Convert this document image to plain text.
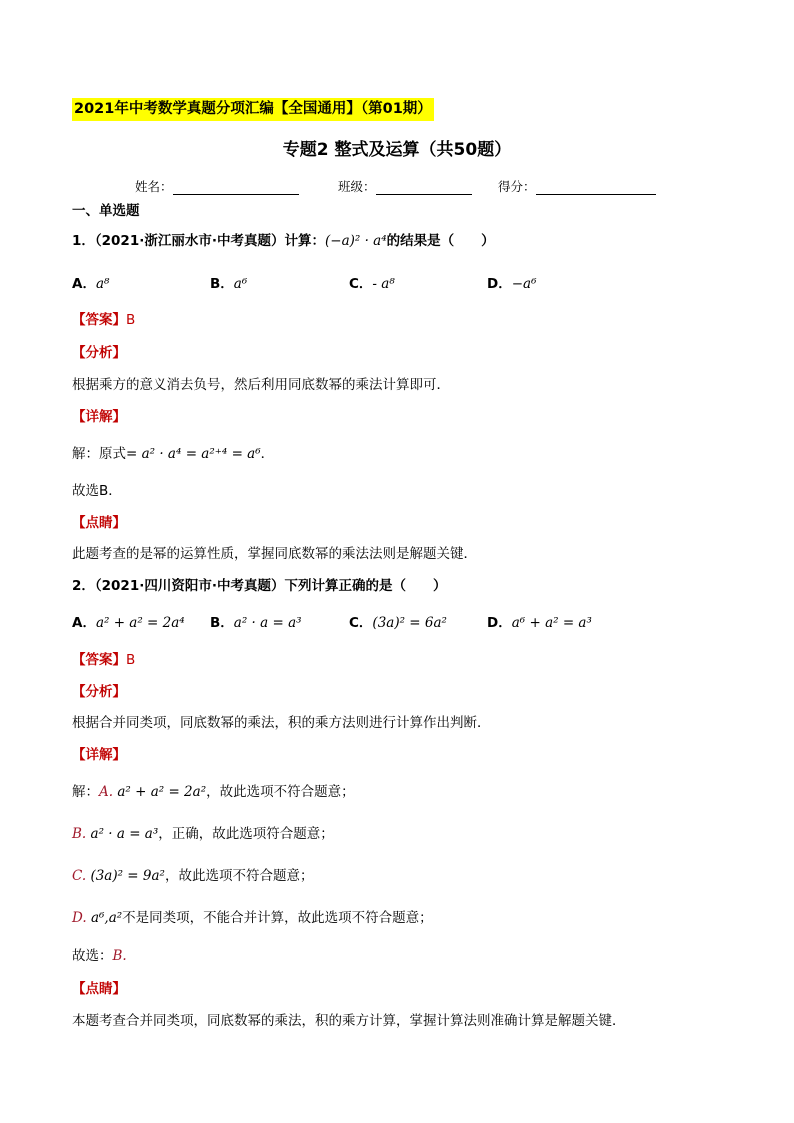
2021年中考数学真题分项汇编【全国通用】（第01期）
专题2 整式及运算（共50题）
姓名：	班级：	得分：
一、单选题
1．（2021·浙江丽水市·中考真题）计算：(−a)² · a⁴的结果是（　　）
A．a⁸	B．a⁶	C．- a⁸	D．−a⁶
【答案】B
【分析】
根据乘方的意义消去负号，然后利用同底数幂的乘法计算即可．
【详解】
解：原式= a² · a⁴ = a²⁺⁴ = a⁶．
故选B．
【点睛】
此题考查的是幂的运算性质，掌握同底数幂的乘法法则是解题关键．
2．（2021·四川资阳市·中考真题）下列计算正确的是（　　）
A．a² + a² = 2a⁴ B．a² · a = a³	C．(3a)² = 6a²	D．a⁶ + a² = a³
【答案】B
【分析】
根据合并同类项，同底数幂的乘法，积的乘方法则进行计算作出判断．
【详解】
解：A. a² + a² = 2a²，故此选项不符合题意；
B. a² · a = a³，正确，故此选项符合题意；
C. (3a)² = 9a²，故此选项不符合题意；
D. a⁶,a²不是同类项，不能合并计算，故此选项不符合题意；
故选：B.
【点睛】
本题考查合并同类项，同底数幂的乘法，积的乘方计算，掌握计算法则准确计算是解题关键．
